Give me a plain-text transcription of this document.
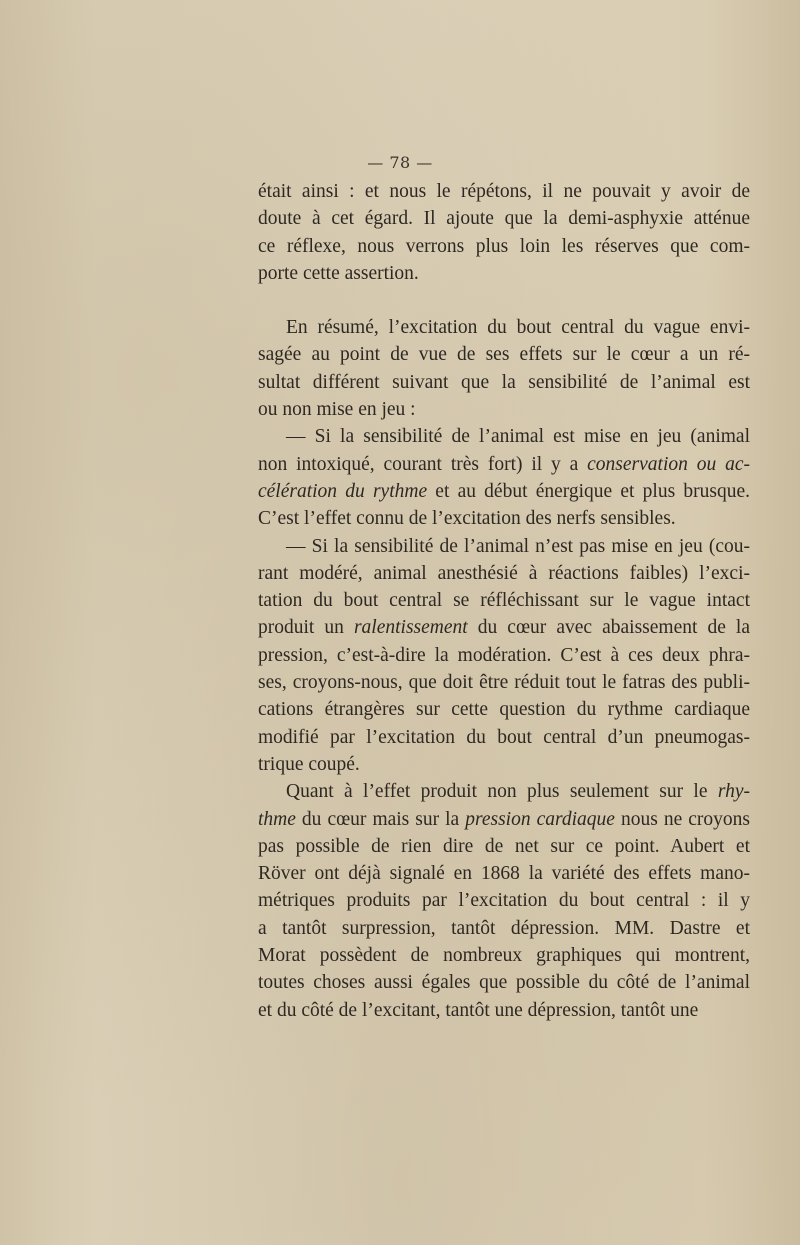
— 78 —
était ainsi : et nous le répétons, il ne pouvait y avoir de
doute à cet égard. Il ajoute que la demi-asphyxie atténue
ce réflexe, nous verrons plus loin les réserves que com-
porte cette assertion.
En résumé, l’excitation du bout central du vague envi-
sagée au point de vue de ses effets sur le cœur a un ré-
sultat différent suivant que la sensibilité de l’animal est
ou non mise en jeu :
— Si la sensibilité de l’animal est mise en jeu (animal
non intoxiqué, courant très fort) il y a conservation ou ac-
célération du rythme et au début énergique et plus brusque.
C’est l’effet connu de l’excitation des nerfs sensibles.
— Si la sensibilité de l’animal n’est pas mise en jeu (cou-
rant modéré, animal anesthésié à réactions faibles) l’exci-
tation du bout central se réfléchissant sur le vague intact
produit un ralentissement du cœur avec abaissement de la
pression, c’est-à-dire la modération. C’est à ces deux phra-
ses, croyons-nous, que doit être réduit tout le fatras des publi-
cations étrangères sur cette question du rythme cardiaque
modifié par l’excitation du bout central d’un pneumogas-
trique coupé.
Quant à l’effet produit non plus seulement sur le rhy-
thme du cœur mais sur la pression cardiaque nous ne croyons
pas possible de rien dire de net sur ce point. Aubert et
Röver ont déjà signalé en 1868 la variété des effets mano-
métriques produits par l’excitation du bout central : il y
a tantôt surpression, tantôt dépression. MM. Dastre et
Morat possèdent de nombreux graphiques qui montrent,
toutes choses aussi égales que possible du côté de l’animal
et du côté de l’excitant, tantôt une dépression, tantôt une
